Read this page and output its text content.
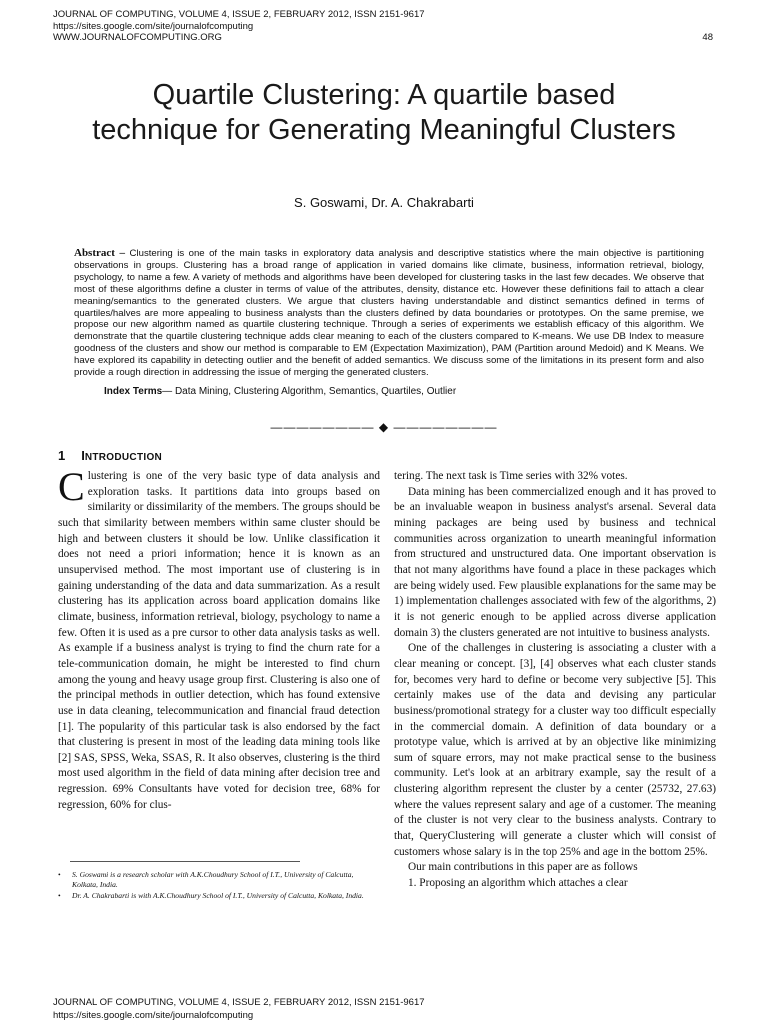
JOURNAL OF COMPUTING, VOLUME 4, ISSUE 2, FEBRUARY 2012, ISSN 2151-9617
https://sites.google.com/site/journalofcomputing
WWW.JOURNALOFCOMPUTING.ORG	48
Quartile Clustering: A quartile based
technique for Generating Meaningful Clusters
S. Goswami, Dr. A. Chakrabarti
Abstract – Clustering is one of the main tasks in exploratory data analysis and descriptive statistics where the main objective is partitioning observations in groups. Clustering has a broad range of application in varied domains like climate, business, information retrieval, biology, psychology, to name a few. A variety of methods and algorithms have been developed for clustering tasks in the last few decades. We observe that most of these algorithms define a cluster in terms of value of the attributes, density, distance etc. However these definitions fail to attach a clear meaning/semantics to the generated clusters. We argue that clusters having understandable and distinct semantics defined in terms of quartiles/halves are more appealing to business analysts than the clusters defined by data boundaries or prototypes. On the same premise, we propose our new algorithm named as quartile clustering technique. Through a series of experiments we establish efficacy of this algorithm. We demonstrate that the quartile clustering technique adds clear meaning to each of the clusters compared to K-means. We use DB Index to measure goodness of the clusters and show our method is comparable to EM (Expectation Maximization), PAM (Partition around Medoid) and K Means. We have explored its capability in detecting outlier and the benefit of added semantics. We discuss some of the limitations in its present form and also provide a rough direction in addressing the issue of merging the generated clusters.
Index Terms— Data Mining, Clustering Algorithm, Semantics, Quartiles, Outlier
———————— ◆ ————————
1 INTRODUCTION

Clustering is one of the very basic type of data analysis and exploration tasks. It partitions data into groups based on similarity or dissimilarity of the members. The groups should be such that similarity between members within same cluster should be high and between clusters it should be low. Unlike classification it does not need a priori information; hence it is known as an unsupervised method. The most important use of clustering is in gaining understanding of the data and data summarization. As a result clustering has its application across board application domains like climate, business, information retrieval, biology, psychology to name a few. Often it is used as a pre cursor to other data analysis tasks as well. As example if a business analyst is trying to find the churn rate for a tele-communication domain, he might be interested to find churn among the young and heavy usage group first. Clustering is also one of the principal methods in outlier detection, which has found extensive use in data cleaning, telecommunication and financial fraud detection [1]. The popularity of this particular task is also endorsed by the fact that clustering is present in most of the leading data mining tools like [2] SAS, SPSS, Weka, SSAS, R. It also observes, clustering is the third most used algorithm in the field of data mining after decision tree and regression. 69% Consultants have voted for decision tree, 68% for regression, 60% for clus-

tering. The next task is Time series with 32% votes.

Data mining has been commercialized enough and it has proved to be an invaluable weapon in business analyst's arsenal. Several data mining packages are being used by business and technical communities across organization to unearth meaningful information from structured and unstructured data. One important observation is that not many algorithms have found a place in these packages which are being widely used. Few plausible explanations for the same may be 1) implementation challenges associated with few of the algorithms, 2) it is not generic enough to be applied across diverse application domain 3) the clusters generated are not intuitive to business analysts.

One of the challenges in clustering is associating a cluster with a clear meaning or concept. [3], [4] observes what each cluster stands for, becomes very hard to define or become very subjective [5]. This certainly makes use of the data and devising any particular business/promotional strategy for a cluster way too difficult especially in the commercial domain. A definition of data boundary or a prototype value, which is arrived at by an objective like minimizing sum of square errors, may not make practical sense to the business community. Let's look at an arbitrary example, say the result of a clustering algorithm represent the cluster by a center (25732, 27.63) where the values represent salary and age of a customer. The meaning of the cluster is not very clear to the business analysts. Contrary to that, QueryClustering will generate a cluster which will consist of customers whose salary is in the top 25% and age in the bottom 25%.

Our main contributions in this paper are as follows

1. Proposing an algorithm which attaches a clear

• S. Goswami is a research scholar with A.K.Choudhury School of I.T., University of Calcutta, Kolkata, India.
• Dr. A. Chakrabarti is with A.K.Choudhury School of I.T., University of Calcutta, Kolkata, India.
JOURNAL OF COMPUTING, VOLUME 4, ISSUE 2, FEBRUARY 2012, ISSN 2151-9617
https://sites.google.com/site/journalofcomputing
